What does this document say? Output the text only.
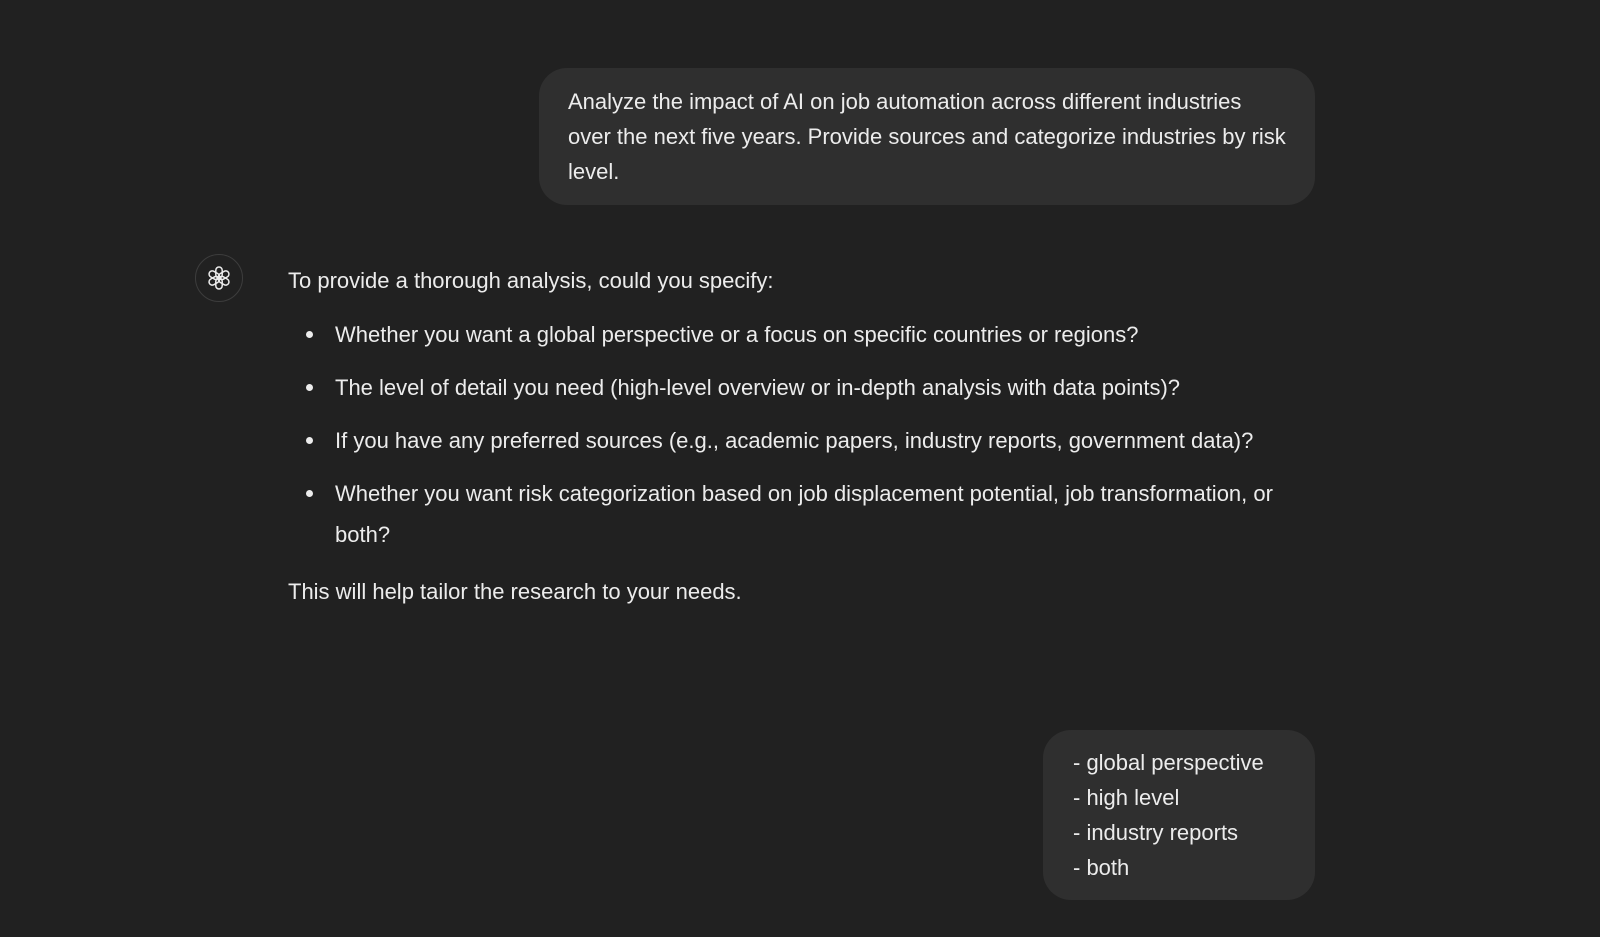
Analyze the impact of AI on job automation across different industries over the next five years. Provide sources and categorize industries by risk level.

To provide a thorough analysis, could you specify:

Whether you want a global perspective or a focus on specific countries or regions?
The level of detail you need (high-level overview or in-depth analysis with data points)?
If you have any preferred sources (e.g., academic papers, industry reports, government data)?
Whether you want risk categorization based on job displacement potential, job transformation, or both?

This will help tailor the research to your needs.

- global perspective
- high level
- industry reports
- both
